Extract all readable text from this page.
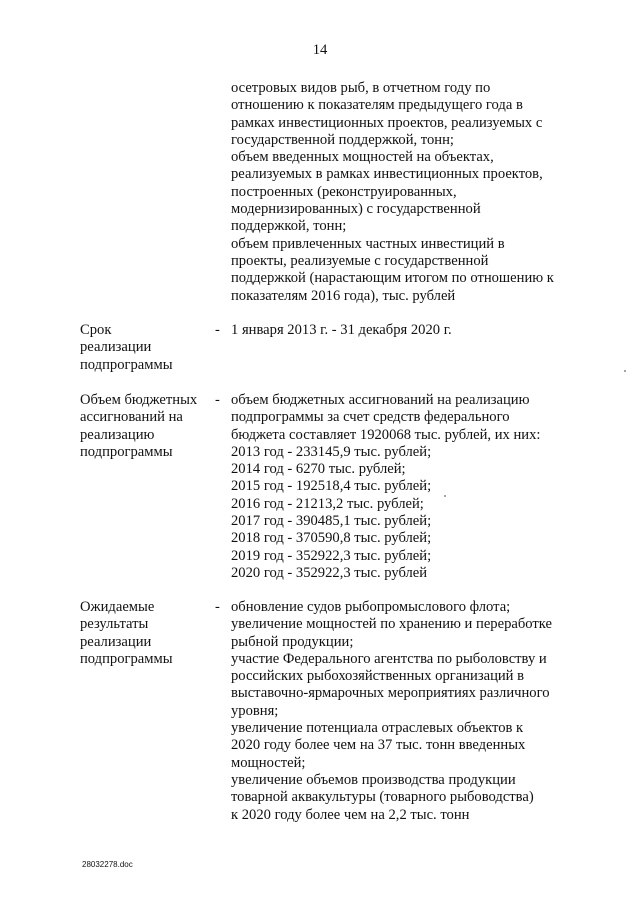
14
осетровых видов рыб, в отчетном году по
отношению к показателям предыдущего года в
рамках инвестиционных проектов, реализуемых с
государственной поддержкой, тонн;
объем введенных мощностей на объектах,
реализуемых в рамках инвестиционных проектов,
построенных (реконструированных,
модернизированных) с государственной
поддержкой, тонн;
объем привлеченных частных инвестиций в
проекты, реализуемые с государственной
поддержкой (нарастающим итогом по отношению к
показателям 2016 года), тыс. рублей
Срок
реализации
подпрограммы
- 1 января 2013 г. - 31 декабря 2020 г.
Объем бюджетных
ассигнований на
реализацию
подпрограммы
- объем бюджетных ассигнований на реализацию
подпрограммы за счет средств федерального
бюджета составляет 1920068 тыс. рублей, их них:
2013 год - 233145,9 тыс. рублей;
2014 год - 6270 тыс. рублей;
2015 год - 192518,4 тыс. рублей;
2016 год - 21213,2 тыс. рублей;
2017 год - 390485,1 тыс. рублей;
2018 год - 370590,8 тыс. рублей;
2019 год - 352922,3 тыс. рублей;
2020 год - 352922,3 тыс. рублей
Ожидаемые
результаты
реализации
подпрограммы
- обновление судов рыбопромыслового флота;
увеличение мощностей по хранению и переработке
рыбной продукции;
участие Федерального агентства по рыболовству и
российских рыбохозяйственных организаций в
выставочно-ярмарочных мероприятиях различного
уровня;
увеличение потенциала отраслевых объектов к
2020 году более чем на 37 тыс. тонн введенных
мощностей;
увеличение объемов производства продукции
товарной аквакультуры (товарного рыбоводства)
к 2020 году более чем на 2,2 тыс. тонн
28032278.doc
